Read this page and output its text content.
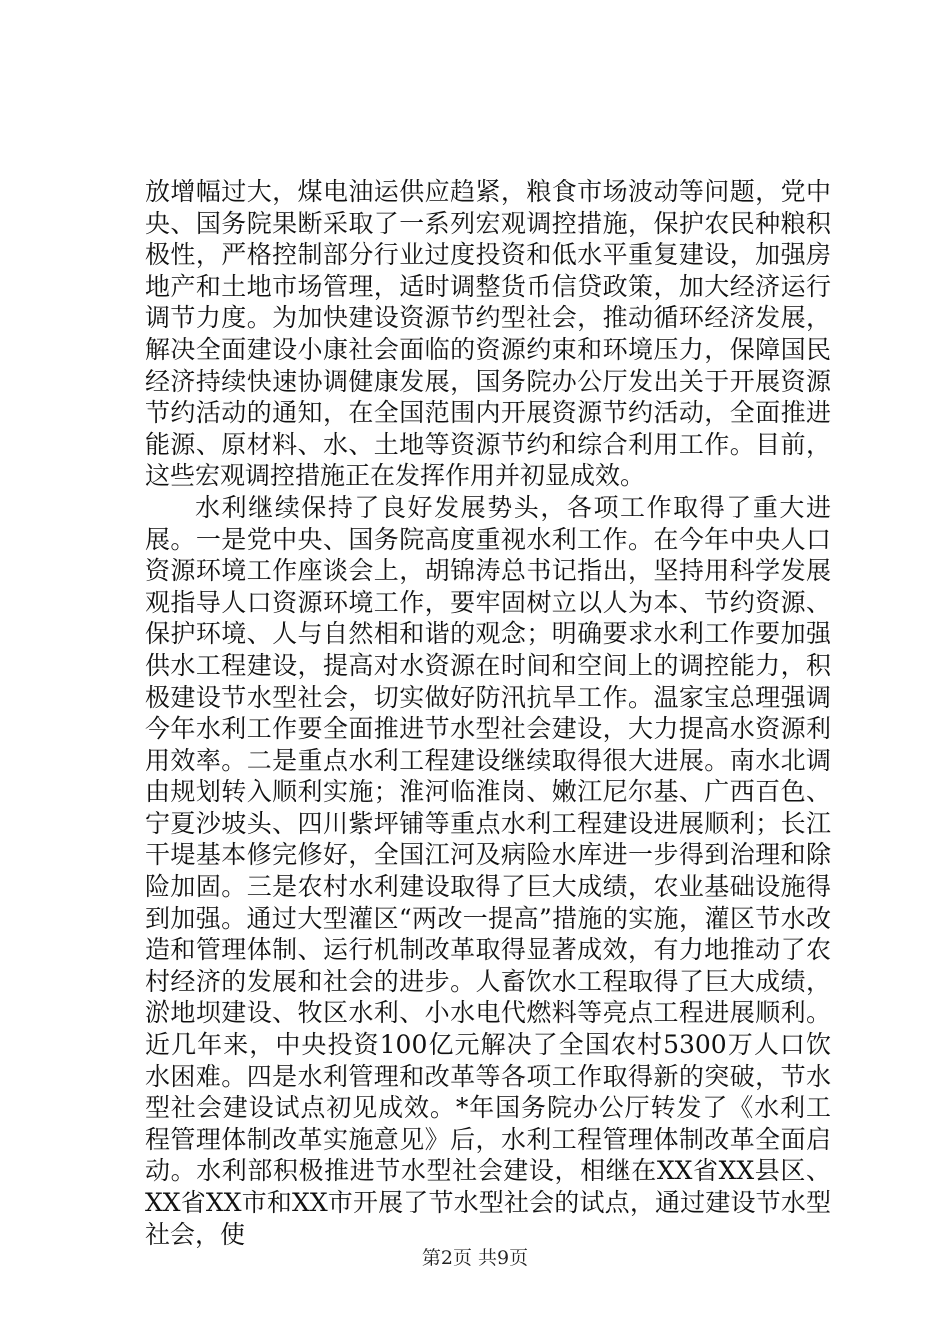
放增幅过大，煤电油运供应趋紧，粮食市场波动等问题，党中央、国务院果断采取了一系列宏观调控措施，保护农民种粮积极性，严格控制部分行业过度投资和低水平重复建设，加强房地产和土地市场管理，适时调整货币信贷政策，加大经济运行调节力度。为加快建设资源节约型社会，推动循环经济发展，解决全面建设小康社会面临的资源约束和环境压力，保障国民经济持续快速协调健康发展，国务院办公厅发出关于开展资源节约活动的通知，在全国范围内开展资源节约活动，全面推进能源、原材料、水、土地等资源节约和综合利用工作。目前，这些宏观调控措施正在发挥作用并初显成效。

水利继续保持了良好发展势头，各项工作取得了重大进展。一是党中央、国务院高度重视水利工作。在今年中央人口资源环境工作座谈会上，胡锦涛总书记指出，坚持用科学发展观指导人口资源环境工作，要牢固树立以人为本、节约资源、保护环境、人与自然相和谐的观念；明确要求水利工作要加强供水工程建设，提高对水资源在时间和空间上的调控能力，积极建设节水型社会，切实做好防汛抗旱工作。温家宝总理强调今年水利工作要全面推进节水型社会建设，大力提高水资源利用效率。二是重点水利工程建设继续取得很大进展。南水北调由规划转入顺利实施；淮河临淮岗、嫩江尼尔基、广西百色、宁夏沙坡头、四川紫坪铺等重点水利工程建设进展顺利；长江干堤基本修完修好，全国江河及病险水库进一步得到治理和除险加固。三是农村水利建设取得了巨大成绩，农业基础设施得到加强。通过大型灌区“两改一提高”措施的实施，灌区节水改造和管理体制、运行机制改革取得显著成效，有力地推动了农村经济的发展和社会的进步。人畜饮水工程取得了巨大成绩，淤地坝建设、牧区水利、小水电代燃料等亮点工程进展顺利。近几年来，中央投资100亿元解决了全国农村5300万人口饮水困难。四是水利管理和改革等各项工作取得新的突破，节水型社会建设试点初见成效。*年国务院办公厅转发了《水利工程管理体制改革实施意见》后，水利工程管理体制改革全面启动。水利部积极推进节水型社会建设，相继在XX省XX县区、XX省XX市和XX市开展了节水型社会的试点，通过建设节水型社会，使

第2页 共9页
